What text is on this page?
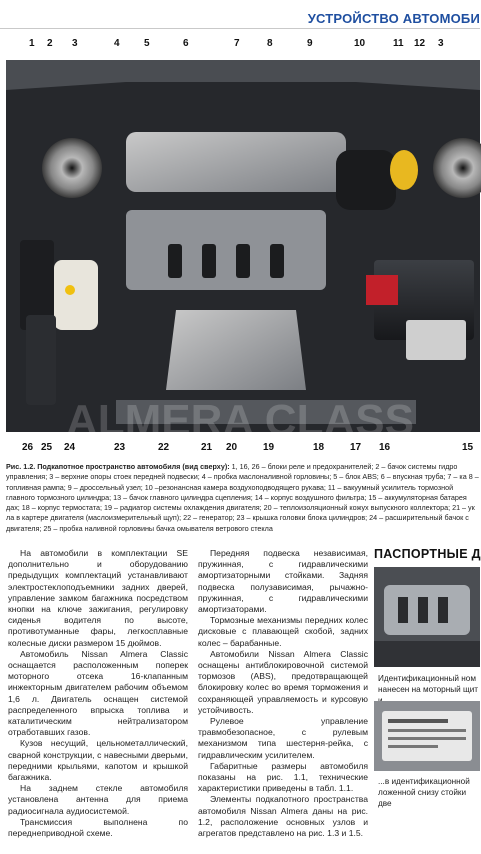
УСТРОЙСТВО АВТОМОБИ
1 2 3	4 5	6	7	8	9	10	11 12 3
ALMERA CLASS
26 25 24	23	22	21 20	19	18	17 16	15
Рис. 1.2. Подкапотное пространство автомобиля (вид сверху): 1, 16, 26 – блоки реле и предохранителей; 2 – бачок системы гидро управления; 3 – верхние опоры стоек передней подвески; 4 – пробка маслоналивной горловины; 5 – блок ABS; 6 – впускная труба; 7 – ка 8 – топливная рампа; 9 – дроссельный узел; 10 –резонансная камера воздухоподводящего рукава; 11 – вакуумный усилитель тормозной главного тормозного цилиндра; 13 – бачок главного цилиндра сцепления; 14 – корпус воздушного фильтра; 15 – аккумуляторная батарея дах; 18 – корпус термостата; 19 – радиатор системы охлаждения двигателя; 20 – теплоизоляционный кожух выпускного коллектора; 21 – ук ла в картере двигателя (маслоизмерительный щуп); 22 – генератор; 23 – крышка головки блока цилиндров; 24 – расширительный бачок с двигателя; 25 – пробка наливной горловины бачка омывателя ветрового стекла

На автомобили в комплектации SE дополнительно и оборудованию предыдущих комплектаций устанавливают электростеклоподъемники задних дверей, управление замком багажника посредством кнопки на ключе зажигания, регулировку сиденья водителя по высоте, противотуманные фары, легкосплавные колесные диски размером 15 дюймов.

Автомобиль Nissan Almera Classic оснащается расположенным поперек моторного отсека 16-клапанным инжекторным двигателем рабочим объемом 1,6 л. Двигатель оснащен системой распределенного впрыска топлива и каталитическим нейтрализатором отработавших газов.

Кузов несущий, цельнометаллический, сварной конструкции, с навесными дверьми, передними крыльями, капотом и крышкой багажника.

На заднем стекле автомобиля установлена антенна для приема радиосигнала аудиосистемой.

Трансмиссия выполнена по переднеприводной схеме.

Передняя подвеска независимая, пружинная, с гидравлическими амортизаторными стойками. Задняя подвеска полузависимая, рычажно-пружинная, с гидравлическими амортизаторами.

Тормозные механизмы передних колес дисковые с плавающей скобой, задних колес – барабанные.

Автомобили Nissan Almera Classic оснащены антиблокировочной системой тормозов (ABS), предотвращающей блокировку колес во время торможения и сохраняющей управляемость и курсовую устойчивость.

Рулевое управление травмобезопасное, с рулевым механизмом типа шестерня-рейка, с гидравлическим усилителем.

Габаритные размеры автомобиля показаны на рис. 1.1, технические характеристики приведены в табл. 1.1.

Элементы подкапотного пространства автомобиля Nissan Almera даны на рис. 1.2, расположение основных узлов и агрегатов представлено на рис. 1.3 и 1.5.

ПАСПОРТНЫЕ Д
Идентификационный ном нанесен на моторный щит
...в идентификационной ложенной снизу стойки две
